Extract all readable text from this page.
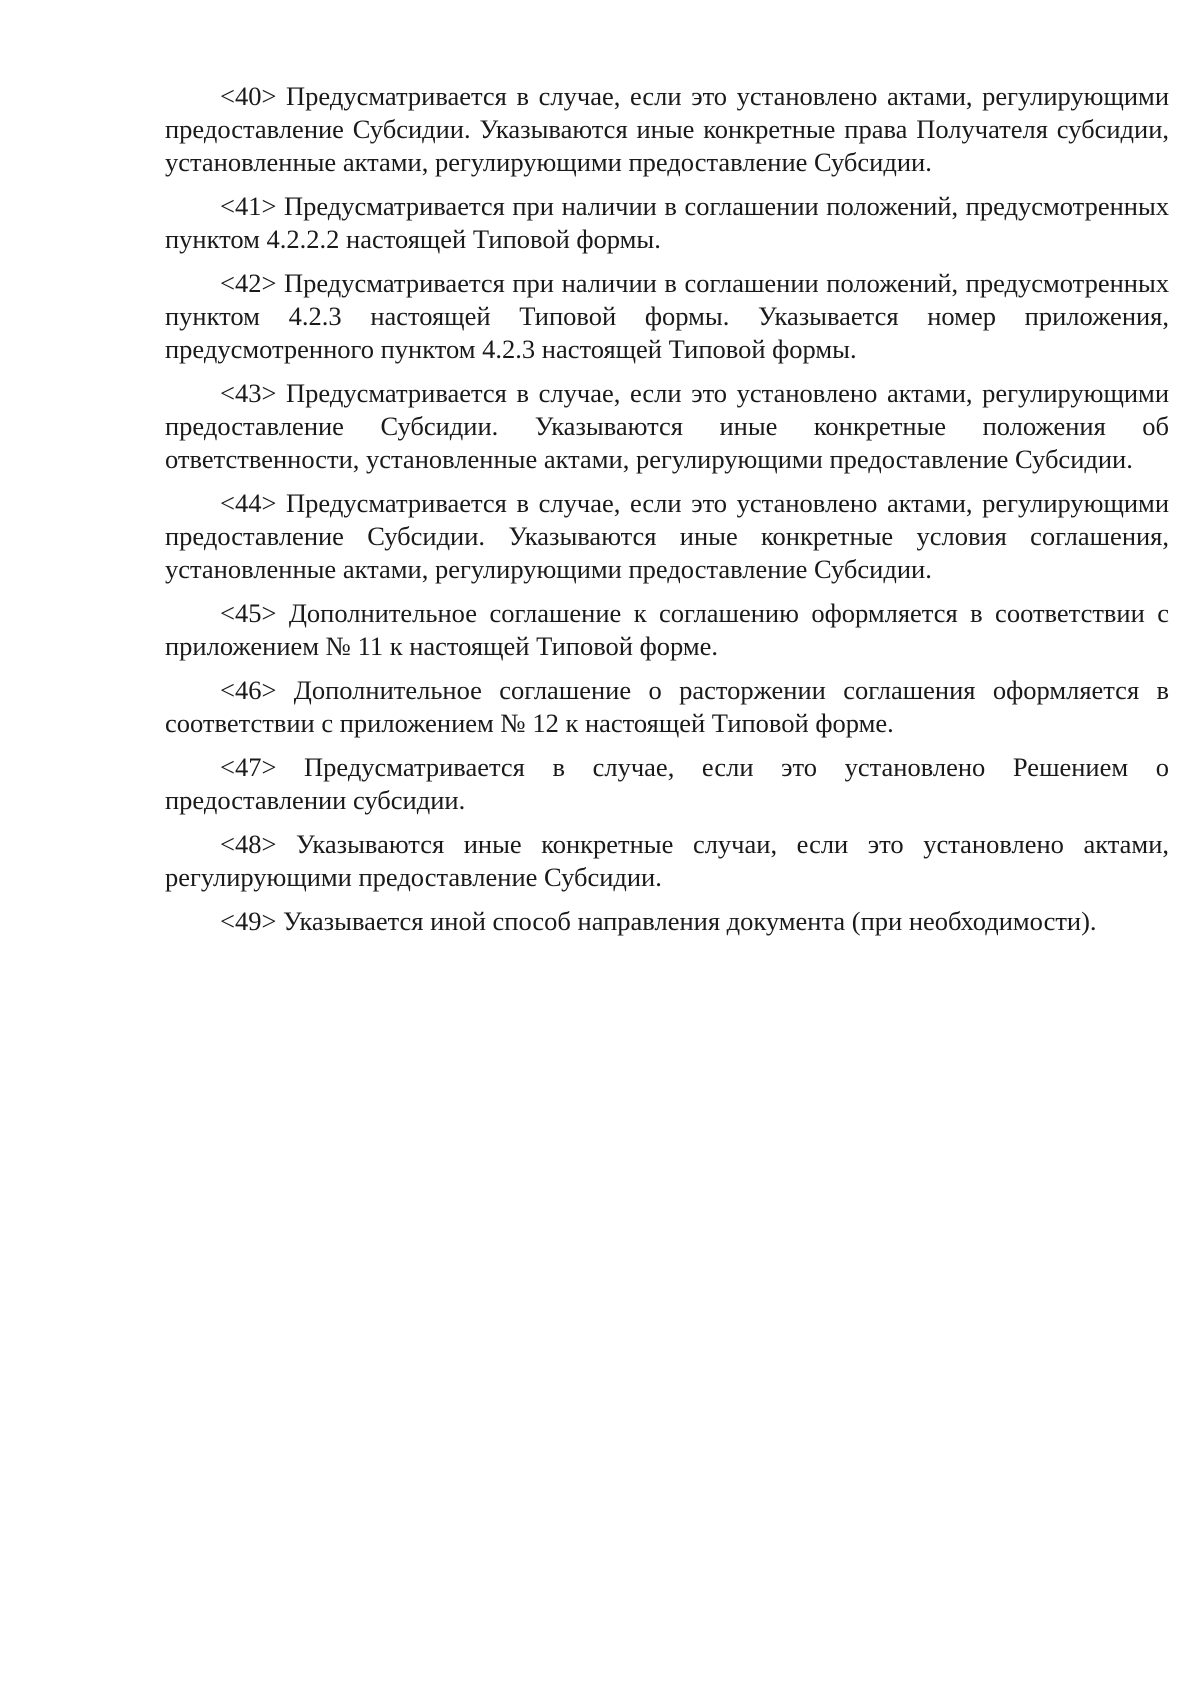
<40> Предусматривается в случае, если это установлено актами, регулирующими предоставление Субсидии. Указываются иные конкретные права Получателя субсидии, установленные актами, регулирующими предоставление Субсидии.

<41> Предусматривается при наличии в соглашении положений, предусмотренных пунктом 4.2.2.2 настоящей Типовой формы.

<42> Предусматривается при наличии в соглашении положений, предусмотренных пунктом 4.2.3 настоящей Типовой формы. Указывается номер приложения, предусмотренного пунктом 4.2.3 настоящей Типовой формы.

<43> Предусматривается в случае, если это установлено актами, регулирующими предоставление Субсидии. Указываются иные конкретные положения об ответственности, установленные актами, регулирующими предоставление Субсидии.

<44> Предусматривается в случае, если это установлено актами, регулирующими предоставление Субсидии. Указываются иные конкретные условия соглашения, установленные актами, регулирующими предоставление Субсидии.

<45> Дополнительное соглашение к соглашению оформляется в соответствии с приложением № 11 к настоящей Типовой форме.

<46> Дополнительное соглашение о расторжении соглашения оформляется в соответствии с приложением № 12 к настоящей Типовой форме.

<47> Предусматривается в случае, если это установлено Решением о предоставлении субсидии.

<48> Указываются иные конкретные случаи, если это установлено актами, регулирующими предоставление Субсидии.

<49> Указывается иной способ направления документа (при необходимости).
